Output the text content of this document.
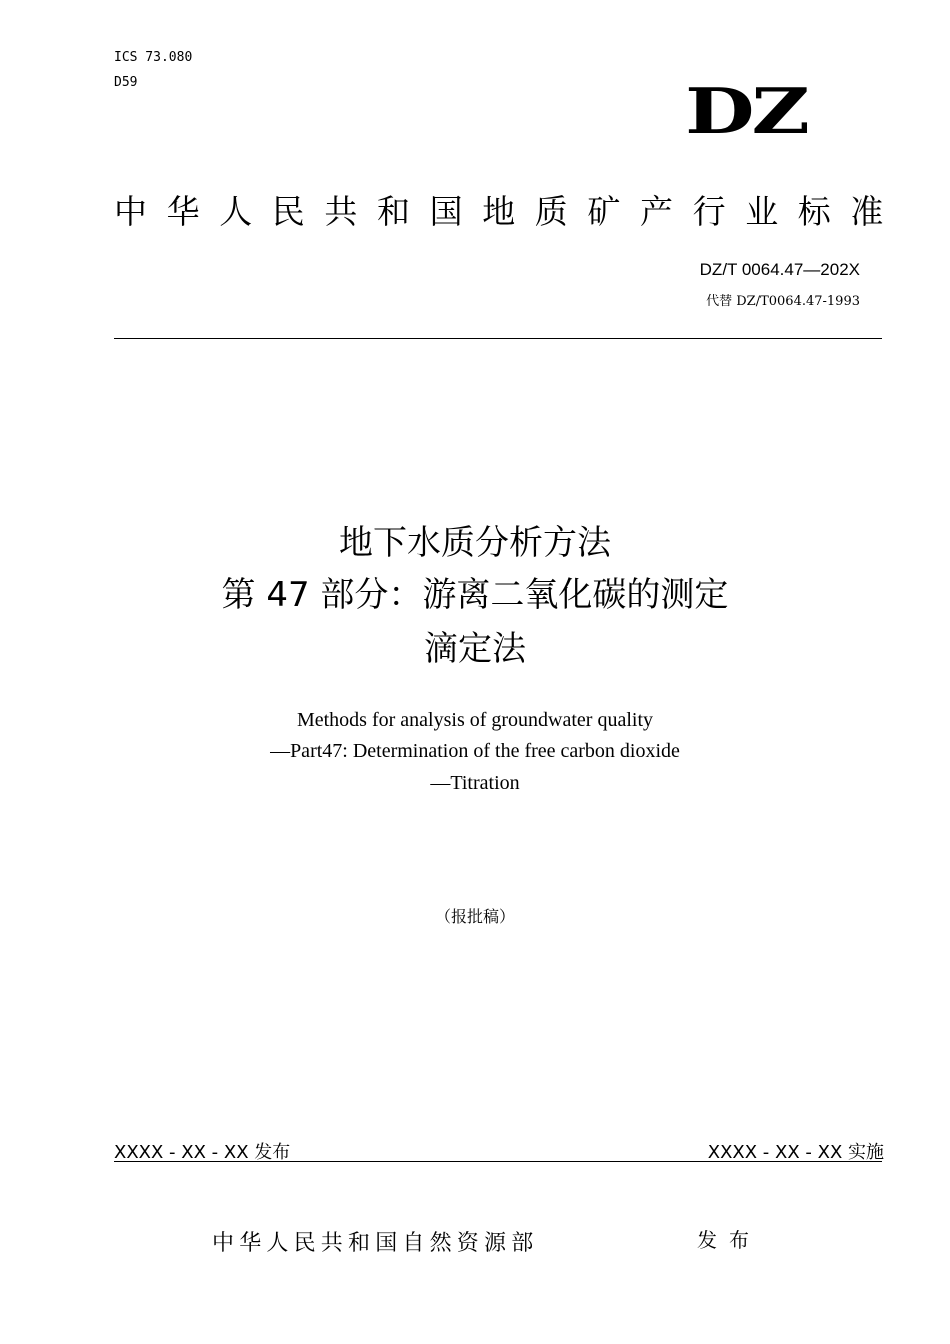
ICS 73.080
D59	DZ
中华人民共和国地质矿产行业标准
DZ/T 0064.47—202X
代替 DZ/T0064.47-1993
地下水质分析方法
第 47 部分：游离二氧化碳的测定
滴定法
Methods for analysis of groundwater quality
—Part47: Determination of the free carbon dioxide
—Titration
（报批稿）
XXXX - XX - XX 发布	XXXX - XX - XX 实施
中华人民共和国自然资源部	发布
